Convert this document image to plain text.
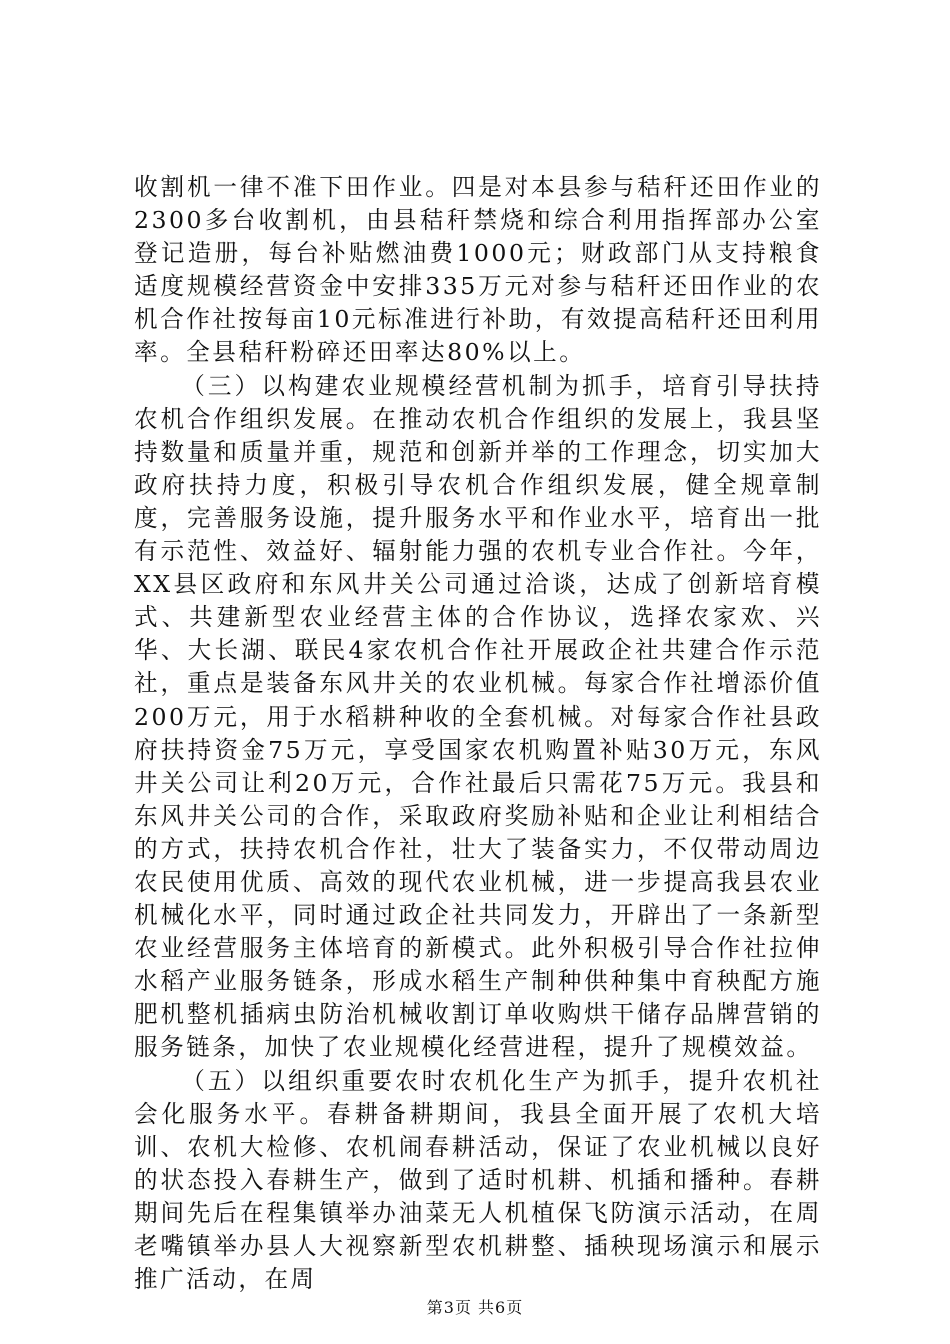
收割机一律不准下田作业。四是对本县参与秸秆还田作业的2300多台收割机，由县秸秆禁烧和综合利用指挥部办公室登记造册，每台补贴燃油费1000元；财政部门从支持粮食适度规模经营资金中安排335万元对参与秸秆还田作业的农机合作社按每亩10元标准进行补助，有效提高秸秆还田利用率。全县秸秆粉碎还田率达80%以上。

（三）以构建农业规模经营机制为抓手，培育引导扶持农机合作组织发展。在推动农机合作组织的发展上，我县坚持数量和质量并重，规范和创新并举的工作理念，切实加大政府扶持力度，积极引导农机合作组织发展，健全规章制度，完善服务设施，提升服务水平和作业水平，培育出一批有示范性、效益好、辐射能力强的农机专业合作社。今年，XX县区政府和东风井关公司通过洽谈，达成了创新培育模式、共建新型农业经营主体的合作协议，选择农家欢、兴华、大长湖、联民4家农机合作社开展政企社共建合作示范社，重点是装备东风井关的农业机械。每家合作社增添价值200万元，用于水稻耕种收的全套机械。对每家合作社县政府扶持资金75万元，享受国家农机购置补贴30万元，东风井关公司让利20万元，合作社最后只需花75万元。我县和东风井关公司的合作，采取政府奖励补贴和企业让利相结合的方式，扶持农机合作社，壮大了装备实力，不仅带动周边农民使用优质、高效的现代农业机械，进一步提高我县农业机械化水平，同时通过政企社共同发力，开辟出了一条新型农业经营服务主体培育的新模式。此外积极引导合作社拉伸水稻产业服务链条，形成水稻生产制种供种集中育秧配方施肥机整机插病虫防治机械收割订单收购烘干储存品牌营销的服务链条，加快了农业规模化经营进程，提升了规模效益。

（五）以组织重要农时农机化生产为抓手，提升农机社会化服务水平。春耕备耕期间，我县全面开展了农机大培训、农机大检修、农机闹春耕活动，保证了农业机械以良好的状态投入春耕生产，做到了适时机耕、机插和播种。春耕期间先后在程集镇举办油菜无人机植保飞防演示活动，在周老嘴镇举办县人大视察新型农机耕整、插秧现场演示和展示推广活动，在周

第3页 共6页
